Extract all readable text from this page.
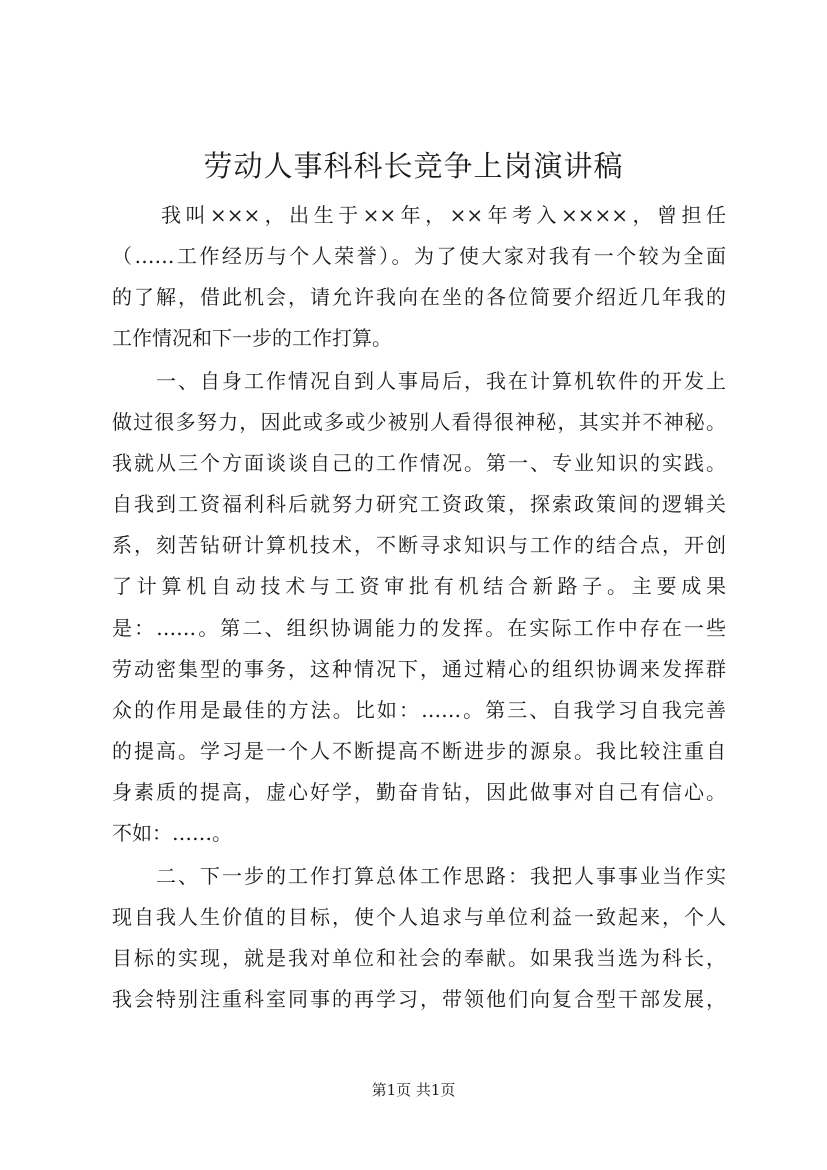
劳动人事科科长竞争上岗演讲稿
　　我叫×××，出生于××年，××年考入××××，曾担任
（……工作经历与个人荣誉）。为了使大家对我有一个较为全面
的了解，借此机会，请允许我向在坐的各位简要介绍近几年我的
工作情况和下一步的工作打算。
　　一、自身工作情况自到人事局后，我在计算机软件的开发上
做过很多努力，因此或多或少被别人看得很神秘，其实并不神秘。
我就从三个方面谈谈自己的工作情况。第一、专业知识的实践。
自我到工资福利科后就努力研究工资政策，探索政策间的逻辑关
系，刻苦钻研计算机技术，不断寻求知识与工作的结合点，开创
了计算机自动技术与工资审批有机结合新路子。主要成果
是：……。第二、组织协调能力的发挥。在实际工作中存在一些
劳动密集型的事务，这种情况下，通过精心的组织协调来发挥群
众的作用是最佳的方法。比如：……。第三、自我学习自我完善
的提高。学习是一个人不断提高不断进步的源泉。我比较注重自
身素质的提高，虚心好学，勤奋肯钻，因此做事对自己有信心。
不如：……。
　　二、下一步的工作打算总体工作思路：我把人事事业当作实
现自我人生价值的目标，使个人追求与单位利益一致起来，个人
目标的实现，就是我对单位和社会的奉献。如果我当选为科长，
我会特别注重科室同事的再学习，带领他们向复合型干部发展，
第1页 共1页
